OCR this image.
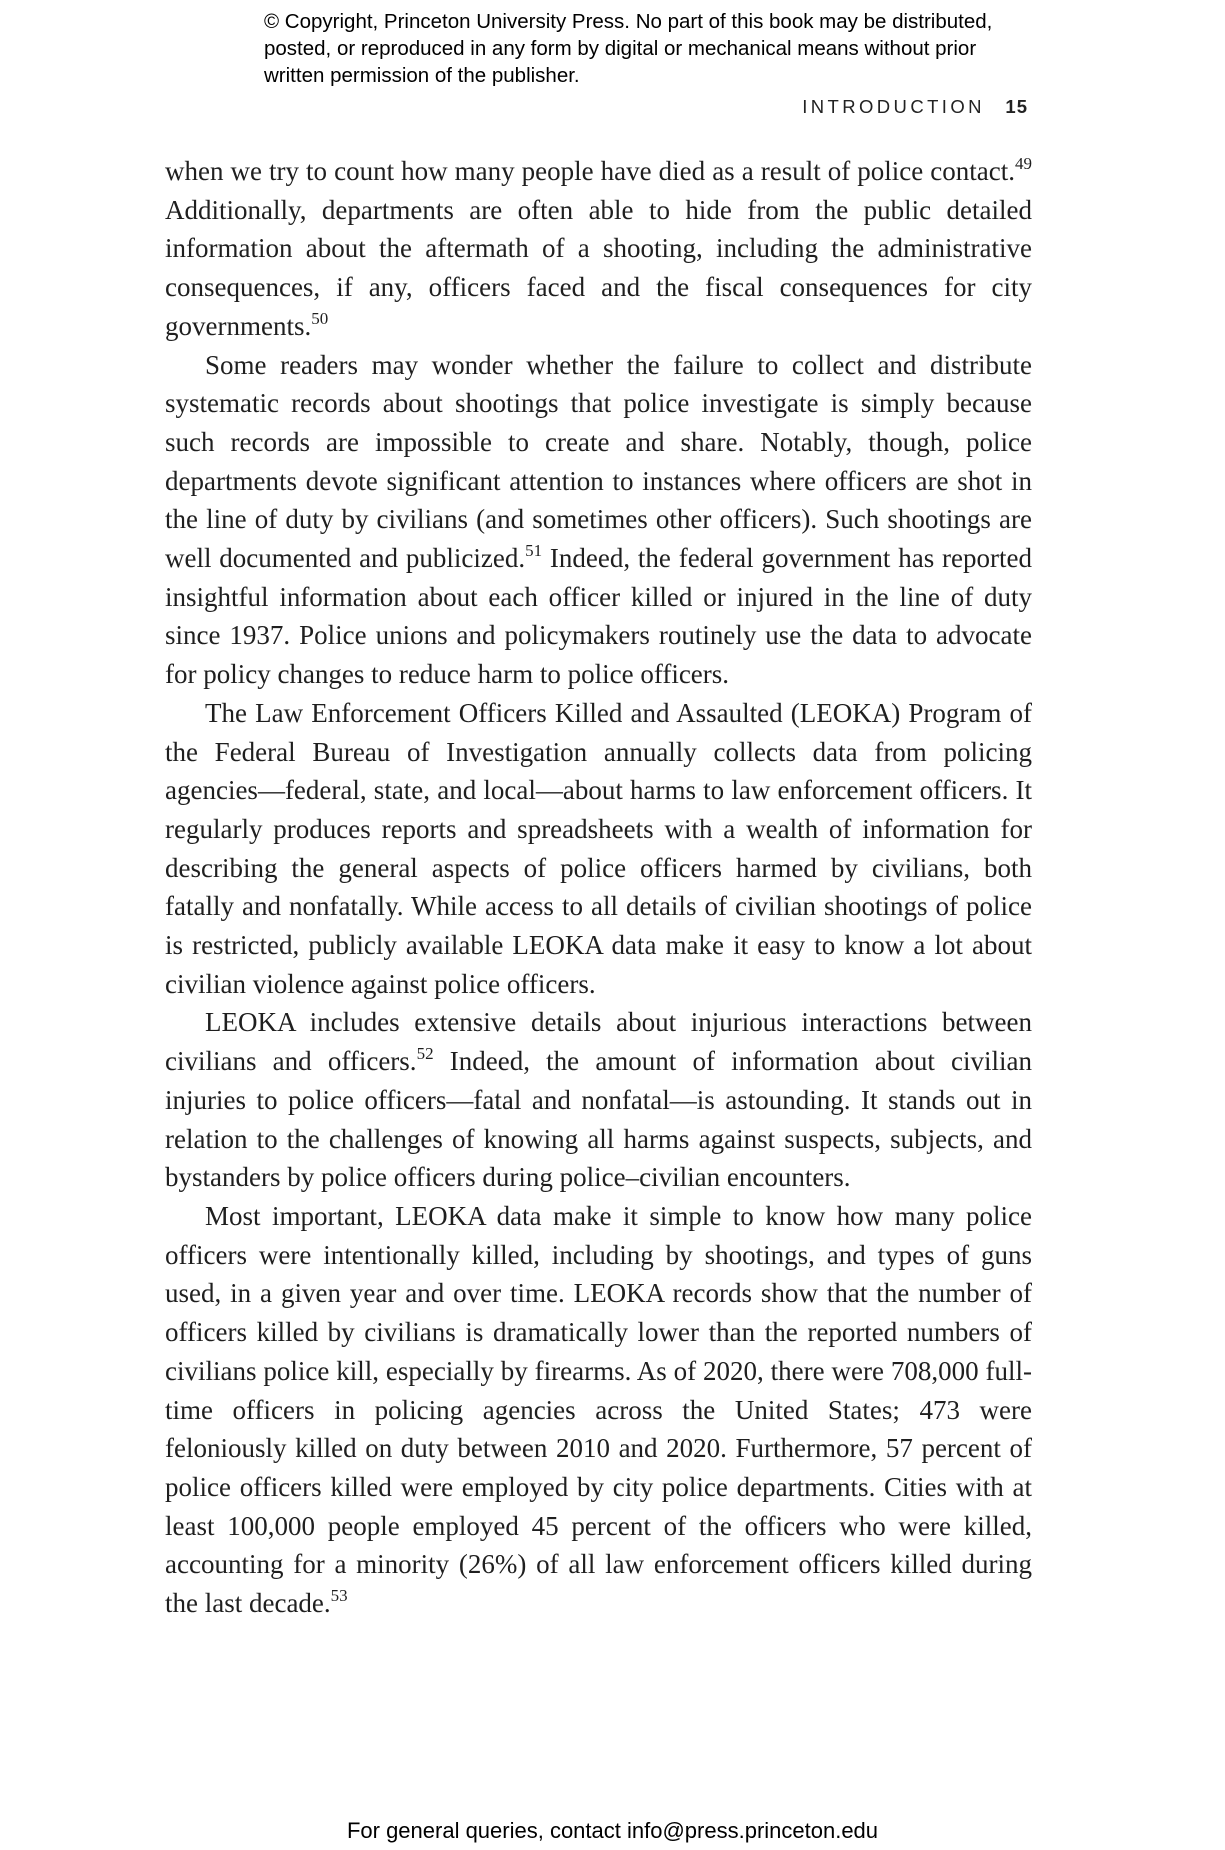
© Copyright, Princeton University Press. No part of this book may be distributed, posted, or reproduced in any form by digital or mechanical means without prior written permission of the publisher.
INTRODUCTION 15

when we try to count how many people have died as a result of police contact.$^{49}$ Additionally, departments are often able to hide from the public detailed information about the aftermath of a shooting, including the administrative consequences, if any, officers faced and the fiscal consequences for city governments.$^{50}$

Some readers may wonder whether the failure to collect and distribute systematic records about shootings that police investigate is simply because such records are impossible to create and share. Notably, though, police departments devote significant attention to instances where officers are shot in the line of duty by civilians (and sometimes other officers). Such shootings are well documented and publicized.$^{51}$ Indeed, the federal government has reported insightful information about each officer killed or injured in the line of duty since 1937. Police unions and policymakers routinely use the data to advocate for policy changes to reduce harm to police officers.

The Law Enforcement Officers Killed and Assaulted (LEOKA) Program of the Federal Bureau of Investigation annually collects data from policing agencies—federal, state, and local—about harms to law enforcement officers. It regularly produces reports and spreadsheets with a wealth of information for describing the general aspects of police officers harmed by civilians, both fatally and nonfatally. While access to all details of civilian shootings of police is restricted, publicly available LEOKA data make it easy to know a lot about civilian violence against police officers.

LEOKA includes extensive details about injurious interactions between civilians and officers.$^{52}$ Indeed, the amount of information about civilian injuries to police officers—fatal and nonfatal—is astounding. It stands out in relation to the challenges of knowing all harms against suspects, subjects, and bystanders by police officers during police–civilian encounters.

Most important, LEOKA data make it simple to know how many police officers were intentionally killed, including by shootings, and types of guns used, in a given year and over time. LEOKA records show that the number of officers killed by civilians is dramatically lower than the reported numbers of civilians police kill, especially by firearms. As of 2020, there were 708,000 full-time officers in policing agencies across the United States; 473 were feloniously killed on duty between 2010 and 2020. Furthermore, 57 percent of police officers killed were employed by city police departments. Cities with at least 100,000 people employed 45 percent of the officers who were killed, accounting for a minority (26%) of all law enforcement officers killed during the last decade.$^{53}$

For general queries, contact info@press.princeton.edu
